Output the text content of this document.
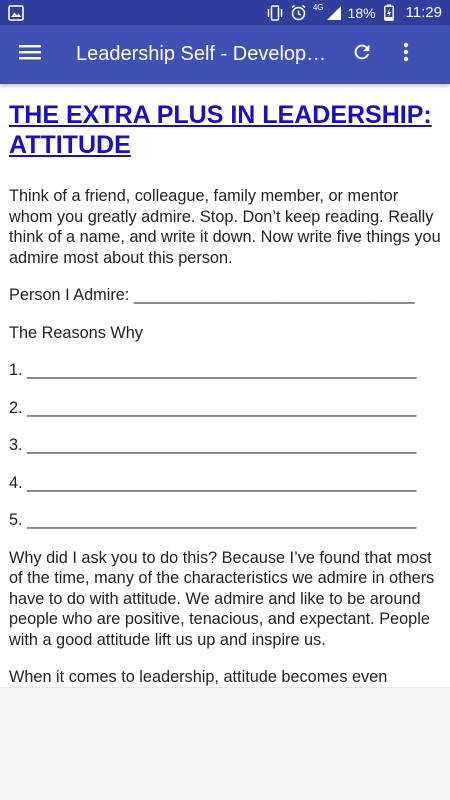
4G 18% 11:29
Leadership Self - Develop…
THE EXTRA PLUS IN LEADERSHIP: ATTITUDE

Think of a friend, colleague, family member, or mentor whom you greatly admire. Stop. Don’t keep reading. Really think of a name, and write it down. Now write five things you admire most about this person.

Person I Admire: _______________________________

The Reasons Why

1. ___________________________________________

2. ___________________________________________

3. ___________________________________________

4. ___________________________________________

5. ___________________________________________

Why did I ask you to do this? Because I’ve found that most of the time, many of the characteristics we admire in others have to do with attitude. We admire and like to be around people who are positive, tenacious, and expectant. People with a good attitude lift us up and inspire us.

When it comes to leadership, attitude becomes even
